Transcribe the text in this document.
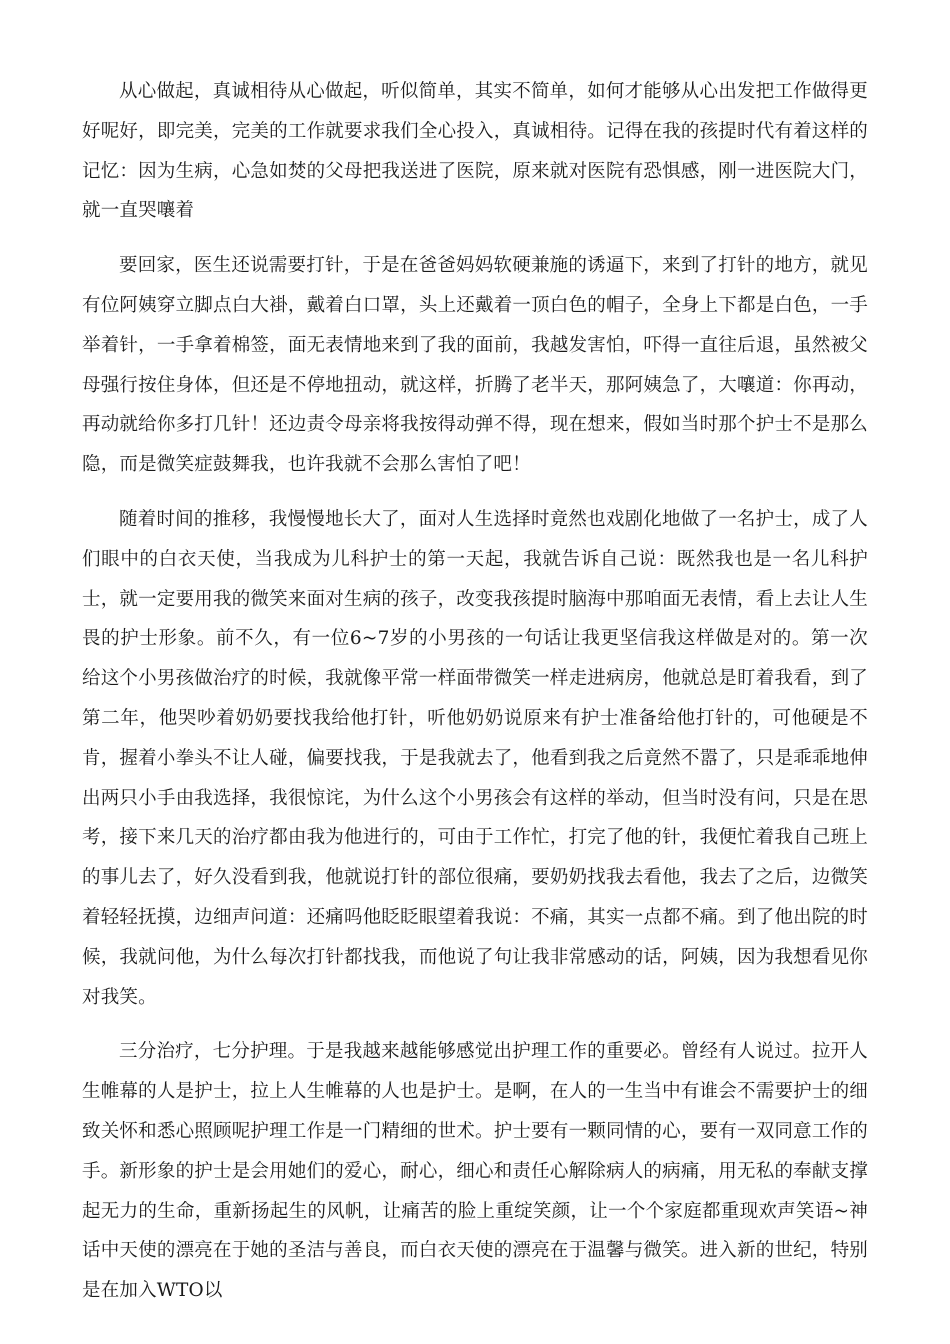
从心做起，真诚相待从心做起，听似简单，其实不简单，如何才能够从心出发把工作做得更好呢好，即完美，完美的工作就要求我们全心投入，真诚相待。记得在我的孩提时代有着这样的记忆：因为生病，心急如焚的父母把我送进了医院，原来就对医院有恐惧感，刚一进医院大门，就一直哭嚷着

要回家，医生还说需要打针，于是在爸爸妈妈软硬兼施的诱逼下，来到了打针的地方，就见有位阿姨穿立脚点白大褂，戴着白口罩，头上还戴着一顶白色的帽子，全身上下都是白色，一手举着针，一手拿着棉签，面无表情地来到了我的面前，我越发害怕，吓得一直往后退，虽然被父母强行按住身体，但还是不停地扭动，就这样，折腾了老半天，那阿姨急了，大嚷道：你再动，再动就给你多打几针！还边责令母亲将我按得动弹不得，现在想来，假如当时那个护士不是那么隐，而是微笑症鼓舞我，也许我就不会那么害怕了吧！

随着时间的推移，我慢慢地长大了，面对人生选择时竟然也戏剧化地做了一名护士，成了人们眼中的白衣天使，当我成为儿科护士的第一天起，我就告诉自己说：既然我也是一名儿科护士，就一定要用我的微笑来面对生病的孩子，改变我孩提时脑海中那咱面无表情，看上去让人生畏的护士形象。前不久，有一位6~7岁的小男孩的一句话让我更坚信我这样做是对的。第一次给这个小男孩做治疗的时候，我就像平常一样面带微笑一样走进病房，他就总是盯着我看，到了第二年，他哭吵着奶奶要找我给他打针，听他奶奶说原来有护士准备给他打针的，可他硬是不肯，握着小拳头不让人碰，偏要找我，于是我就去了，他看到我之后竟然不嚣了，只是乖乖地伸出两只小手由我选择，我很惊诧，为什么这个小男孩会有这样的举动，但当时没有问，只是在思考，接下来几天的治疗都由我为他进行的，可由于工作忙，打完了他的针，我便忙着我自己班上的事儿去了，好久没看到我，他就说打针的部位很痛，要奶奶找我去看他，我去了之后，边微笑着轻轻抚摸，边细声问道：还痛吗他眨眨眼望着我说：不痛，其实一点都不痛。到了他出院的时候，我就问他，为什么每次打针都找我，而他说了句让我非常感动的话，阿姨，因为我想看见你对我笑。

三分治疗，七分护理。于是我越来越能够感觉出护理工作的重要必。曾经有人说过。拉开人生帷幕的人是护士，拉上人生帷幕的人也是护士。是啊，在人的一生当中有谁会不需要护士的细致关怀和悉心照顾呢护理工作是一门精细的世术。护士要有一颗同情的心，要有一双同意工作的手。新形象的护士是会用她们的爱心，耐心，细心和责任心解除病人的病痛，用无私的奉献支撑起无力的生命，重新扬起生的风帆，让痛苦的脸上重绽笑颜，让一个个家庭都重现欢声笑语~神话中天使的漂亮在于她的圣洁与善良，而白衣天使的漂亮在于温馨与微笑。进入新的世纪，特别是在加入WTO以
